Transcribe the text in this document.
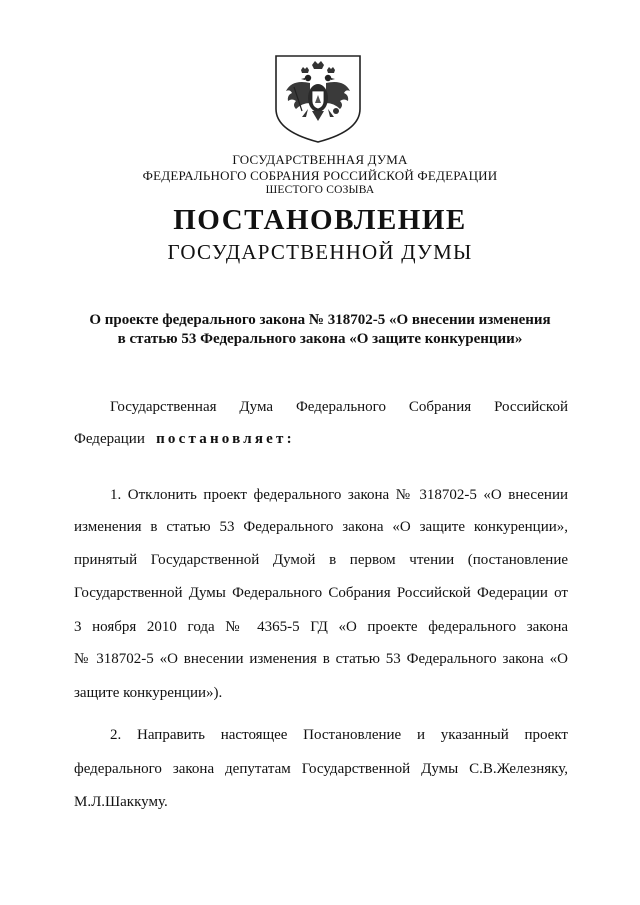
ГОСУДАРСТВЕННАЯ ДУМА
ФЕДЕРАЛЬНОГО СОБРАНИЯ РОССИЙСКОЙ ФЕДЕРАЦИИ
ШЕСТОГО СОЗЫВА
ПОСТАНОВЛЕНИЕ
ГОСУДАРСТВЕННОЙ ДУМЫ
О проекте федерального закона № 318702-5 «О внесении изменения
в статью 53 Федерального закона «О защите конкуренции»
Государственная Дума Федерального Собрания Российской
Федерации постановляет:
1. Отклонить проект федерального закона № 318702-5 «О внесении
изменения в статью 53 Федерального закона «О защите конкуренции»,
принятый Государственной Думой в первом чтении (постановление
Государственной Думы Федерального Собрания Российской Федерации от
3 ноября 2010 года № 4365-5 ГД «О проекте федерального закона
№ 318702-5 «О внесении изменения в статью 53 Федерального закона «О
защите конкуренции»).
2. Направить настоящее Постановление и указанный проект
федерального закона депутатам Государственной Думы С.В.Железняку,
М.Л.Шаккуму.
